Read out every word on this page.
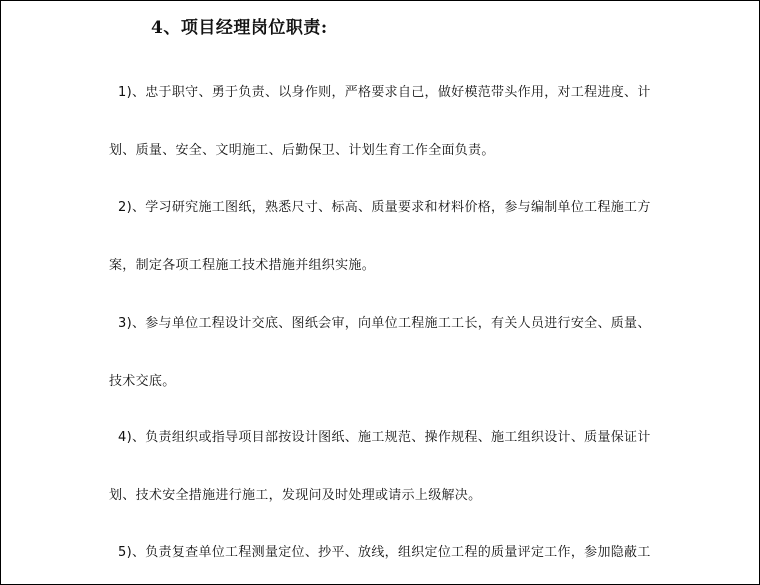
4、项目经理岗位职责:
1)、忠于职守、勇于负责、以身作则，严格要求自己，做好模范带头作用，对工程进度、计
划、质量、安全、文明施工、后勤保卫、计划生育工作全面负责。
2)、学习研究施工图纸，熟悉尺寸、标高、质量要求和材料价格，参与编制单位工程施工方
案，制定各项工程施工技术措施并组织实施。
3)、参与单位工程设计交底、图纸会审，向单位工程施工工长，有关人员进行安全、质量、
技术交底。
4)、负责组织或指导项目部按设计图纸、施工规范、操作规程、施工组织设计、质量保证计
划、技术安全措施进行施工，发现问及时处理或请示上级解决。
5)、负责复查单位工程测量定位、抄平、放线，组织定位工程的质量评定工作，参加隐蔽工
